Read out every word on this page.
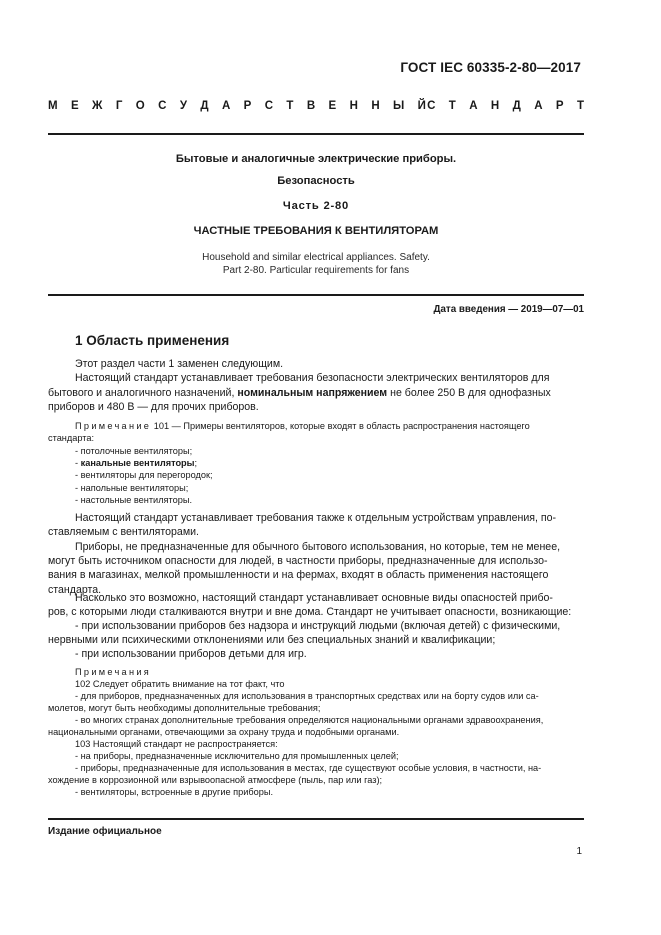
ГОСТ IEC 60335-2-80—2017
М Е Ж Г О С У Д А Р С Т В Е Н Н Ы Й С Т А Н Д А Р Т
Бытовые и аналогичные электрические приборы.
Безопасность
Часть 2-80
ЧАСТНЫЕ ТРЕБОВАНИЯ К ВЕНТИЛЯТОРАМ
Household and similar electrical appliances. Safety.
Part 2-80. Particular requirements for fans
Дата введения — 2019—07—01
1 Область применения

Этот раздел части 1 заменен следующим.

Настоящий стандарт устанавливает требования безопасности электрических вентиляторов для

бытового и аналогичного назначений, номинальным напряжением не более 250 В для однофазных

приборов и 480 В — для прочих приборов.

Примечание 101 — Примеры вентиляторов, которые входят в область распространения настоящего

стандарта:

- потолочные вентиляторы;

- канальные вентиляторы;

- вентиляторы для перегородок;

- напольные вентиляторы;

- настольные вентиляторы.

Настоящий стандарт устанавливает требования также к отдельным устройствам управления, по-
ставляемым с вентиляторами.
Приборы, не предназначенные для обычного бытового использования, но которые, тем не менее,

могут быть источником опасности для людей, в частности приборы, предназначенные для использо-

вания в магазинах, мелкой промышленности и на фермах, входят в область применения настоящего

стандарта.

Насколько это возможно, настоящий стандарт устанавливает основные виды опасностей прибо-
ров, с которыми люди сталкиваются внутри и вне дома. Стандарт не учитывает опасности, возникающие:
- при использовании приборов без надзора и инструкций людьми (включая детей) с физическими,
нервными или психическими отклонениями или без специальных знаний и квалификации;
- при использовании приборов детьми для игр.

Примечания

102 Следует обратить внимание на тот факт, что

- для приборов, предназначенных для использования в транспортных средствах или на борту судов или са-

молетов, могут быть необходимы дополнительные требования;

- во многих странах дополнительные требования определяются национальными органами здравоохранения,

национальными органами, отвечающими за охрану труда и подобными органами.

103 Настоящий стандарт не распространяется:

- на приборы, предназначенные исключительно для промышленных целей;

- приборы, предназначенные для использования в местах, где существуют особые условия, в частности, на-

хождение в коррозионной или взрывоопасной атмосфере (пыль, пар или газ);

- вентиляторы, встроенные в другие приборы.

Издание официальное
1
